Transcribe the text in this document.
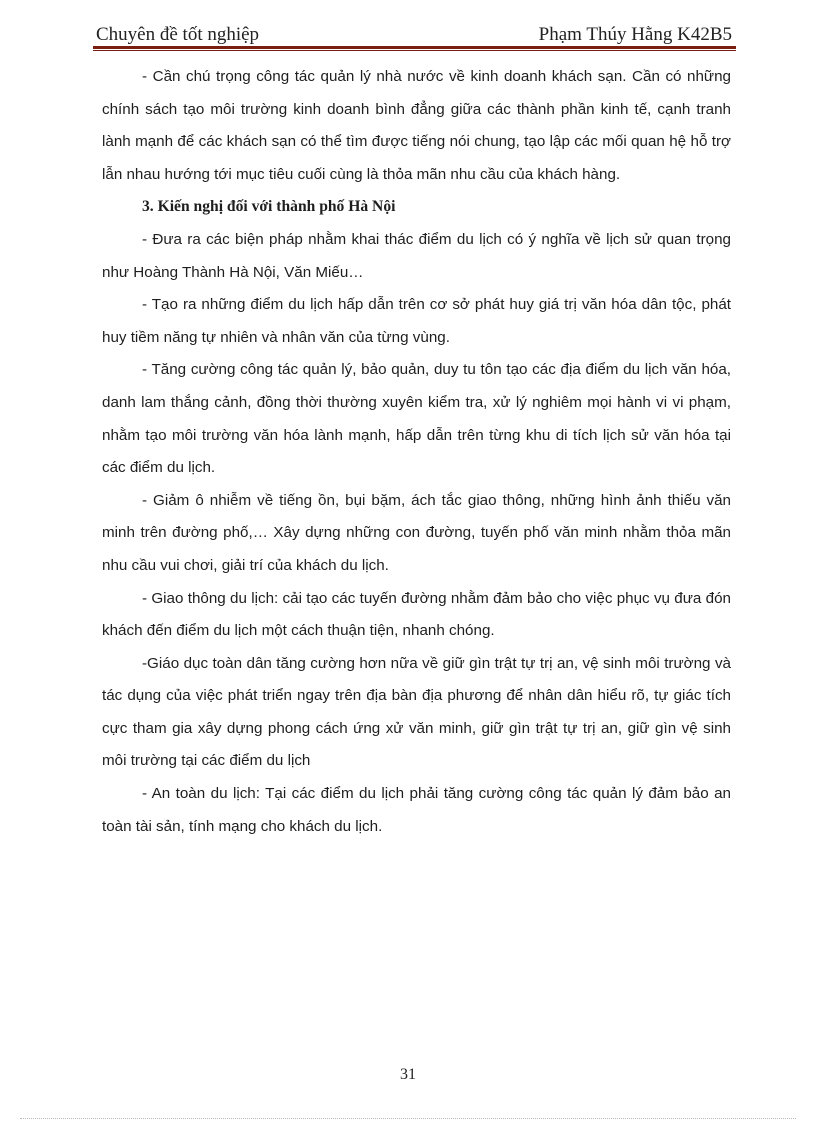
Chuyên đề tốt nghiệp	Phạm Thúy Hằng K42B5

- Cần chú trọng công tác quản lý nhà nước về kinh doanh khách sạn. Cần có những chính sách tạo môi trường kinh doanh bình đẳng giữa các thành phần kinh tế, cạnh tranh lành mạnh để các khách sạn có thể tìm được tiếng nói chung, tạo lập các mối quan hệ hỗ trợ lẫn nhau hướng tới mục tiêu cuối cùng là thỏa mãn nhu cầu của khách hàng.

3. Kiến nghị đối với thành phố Hà Nội

- Đưa ra các biện pháp nhằm khai thác điểm du lịch có ý nghĩa về lịch sử quan trọng như Hoàng Thành Hà Nội, Văn Miếu…

- Tạo ra những điểm du lịch hấp dẫn trên cơ sở phát huy giá trị văn hóa dân tộc, phát huy tiềm năng tự nhiên và nhân văn của từng vùng.

- Tăng cường công tác quản lý, bảo quản, duy tu tôn tạo các địa điểm du lịch văn hóa, danh lam thắng cảnh, đồng thời thường xuyên kiểm tra, xử lý nghiêm mọi hành vi vi phạm, nhằm tạo môi trường văn hóa lành mạnh, hấp dẫn trên từng khu di tích lịch sử văn hóa tại các điểm du lịch.

- Giảm ô nhiễm về tiếng ồn, bụi bặm, ách tắc giao thông, những hình ảnh thiếu văn minh trên đường phố,… Xây dựng những con đường, tuyến phố văn minh nhằm thỏa mãn nhu cầu vui chơi, giải trí của khách du lịch.

- Giao thông du lịch: cải tạo các tuyến đường nhằm đảm bảo cho việc phục vụ đưa đón khách đến điểm du lịch một cách thuận tiện, nhanh chóng.

-Giáo dục toàn dân tăng cường hơn nữa về giữ gìn trật tự trị an, vệ sinh môi trường và tác dụng của việc phát triển ngay trên địa bàn địa phương để nhân dân hiểu rõ, tự giác tích cực tham gia xây dựng phong cách ứng xử văn minh, giữ gìn trật tự trị an, giữ gìn vệ sinh môi trường tại các điểm du lịch

- An toàn du lịch: Tại các điểm du lịch phải tăng cường công tác quản lý đảm bảo an toàn tài sản, tính mạng cho khách du lịch.

31
